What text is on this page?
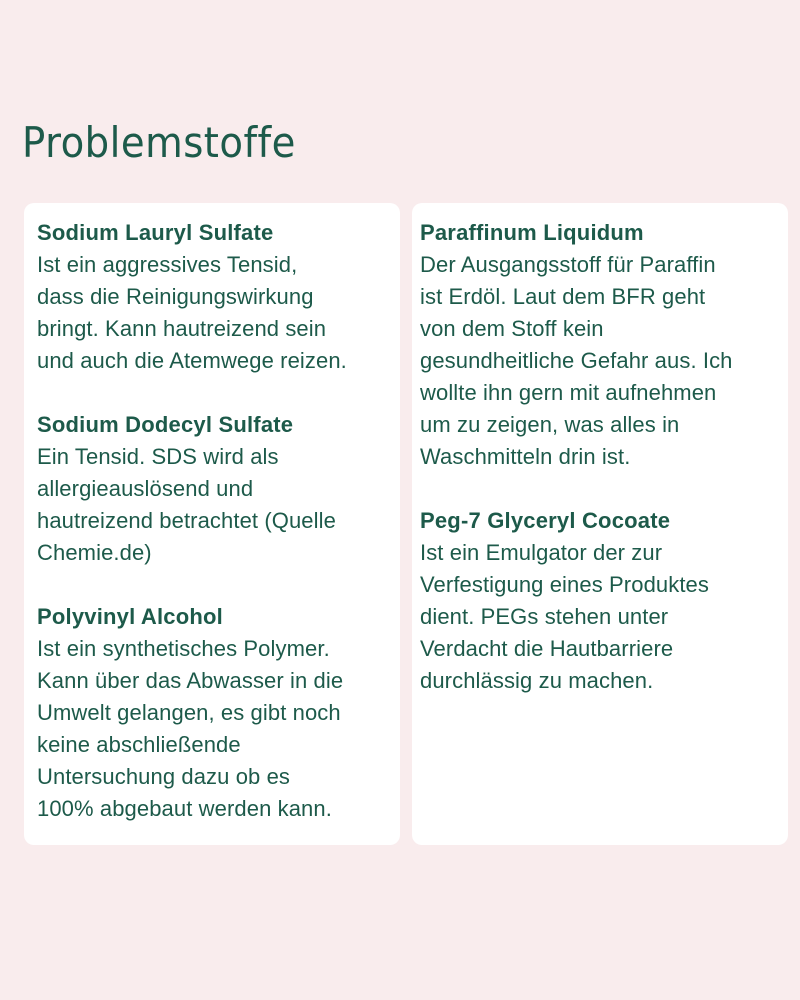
Problemstoffe
Sodium Lauryl Sulfate
Ist ein aggressives Tensid,
dass die Reinigungswirkung
bringt. Kann hautreizend sein
und auch die Atemwege reizen.
Sodium Dodecyl Sulfate
Ein Tensid. SDS wird als
allergieauslösend und
hautreizend betrachtet (Quelle
Chemie.de)
Polyvinyl Alcohol
Ist ein synthetisches Polymer.
Kann über das Abwasser in die
Umwelt gelangen, es gibt noch
keine abschließende
Untersuchung dazu ob es
100% abgebaut werden kann.
Paraffinum Liquidum
Der Ausgangsstoff für Paraffin
ist Erdöl. Laut dem BFR geht
von dem Stoff kein
gesundheitliche Gefahr aus. Ich
wollte ihn gern mit aufnehmen
um zu zeigen, was alles in
Waschmitteln drin ist.
Peg-7 Glyceryl Cocoate
Ist ein Emulgator der zur
Verfestigung eines Produktes
dient. PEGs stehen unter
Verdacht die Hautbarriere
durchlässig zu machen.
